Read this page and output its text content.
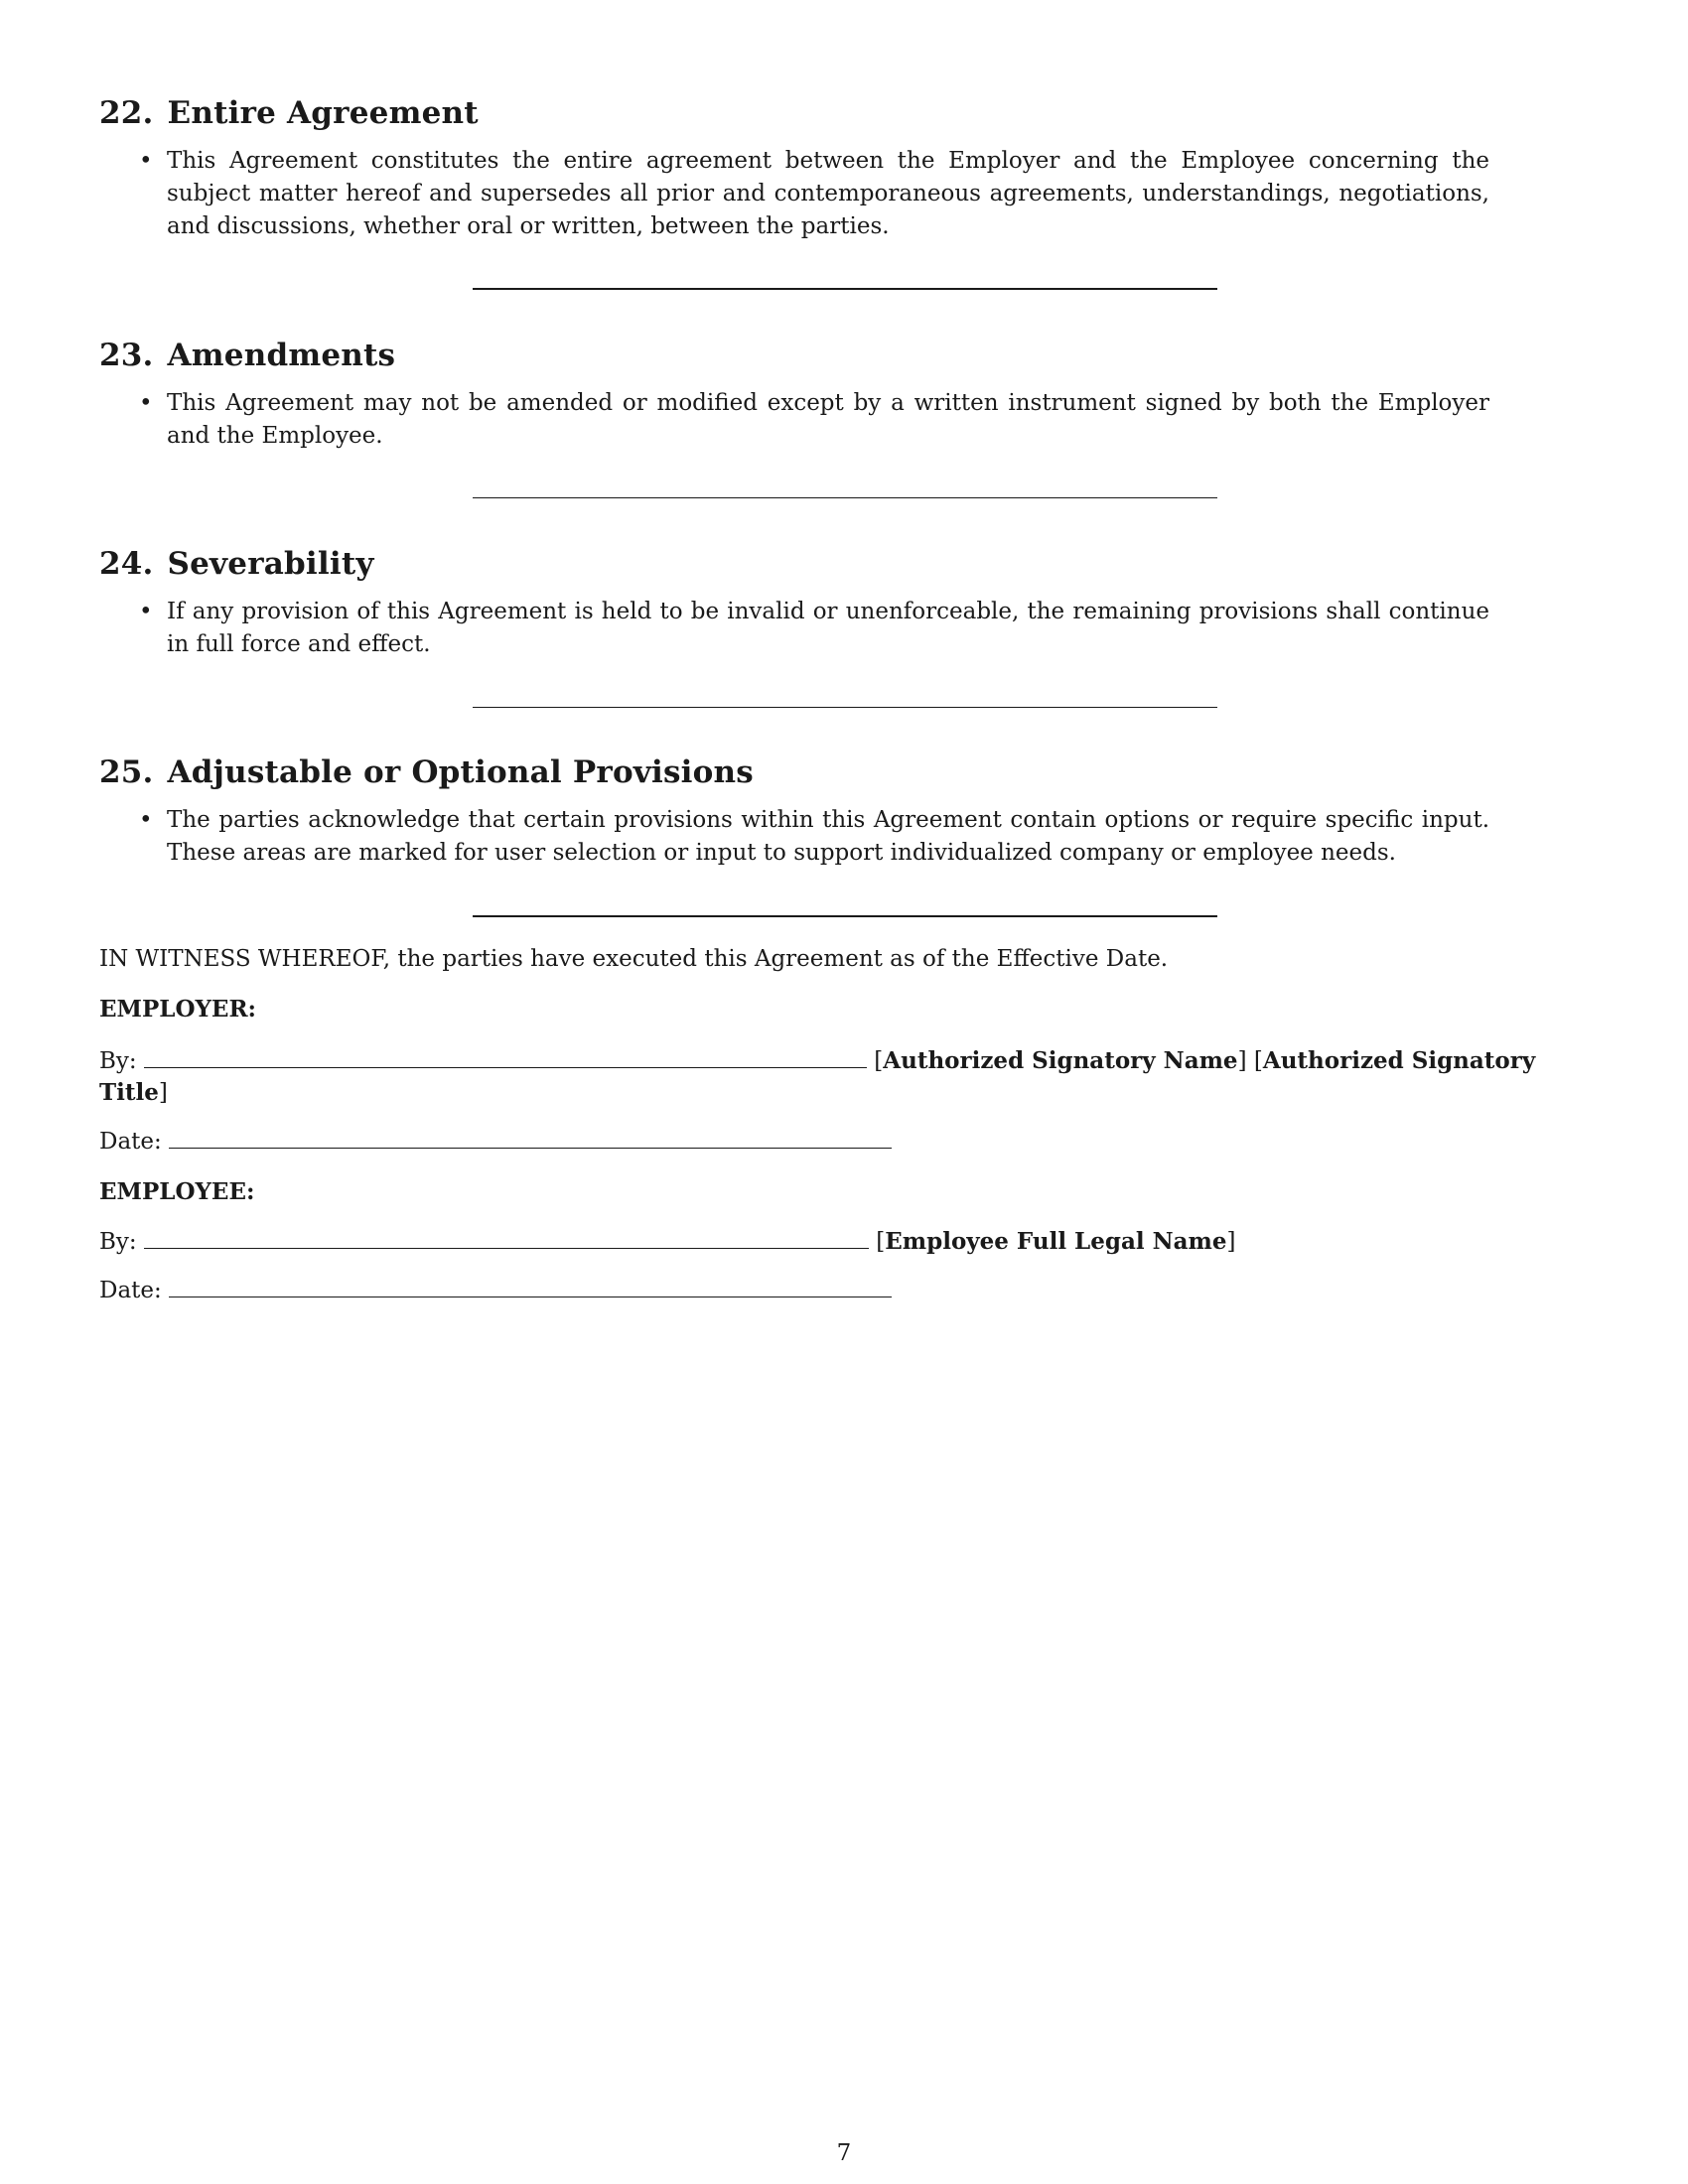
22. Entire Agreement
• This Agreement constitutes the entire agreement between the Employer and the Employee concerning the subject matter hereof and supersedes all prior and contemporaneous agreements, understandings, negotiations, and discussions, whether oral or written, between the parties.
23. Amendments
• This Agreement may not be amended or modified except by a written instrument signed by both the Employer and the Employee.
24. Severability
• If any provision of this Agreement is held to be invalid or unenforceable, the remaining provisions shall continue in full force and effect.
25. Adjustable or Optional Provisions
• The parties acknowledge that certain provisions within this Agreement contain options or require specific input. These areas are marked for user selection or input to support individualized company or employee needs.
IN WITNESS WHEREOF, the parties have executed this Agreement as of the Effective Date.
EMPLOYER:
By:	[Authorized Signatory Name] [Authorized Signatory
Title]
Date:
EMPLOYEE:
By:	[Employee Full Legal Name]
Date:
7
